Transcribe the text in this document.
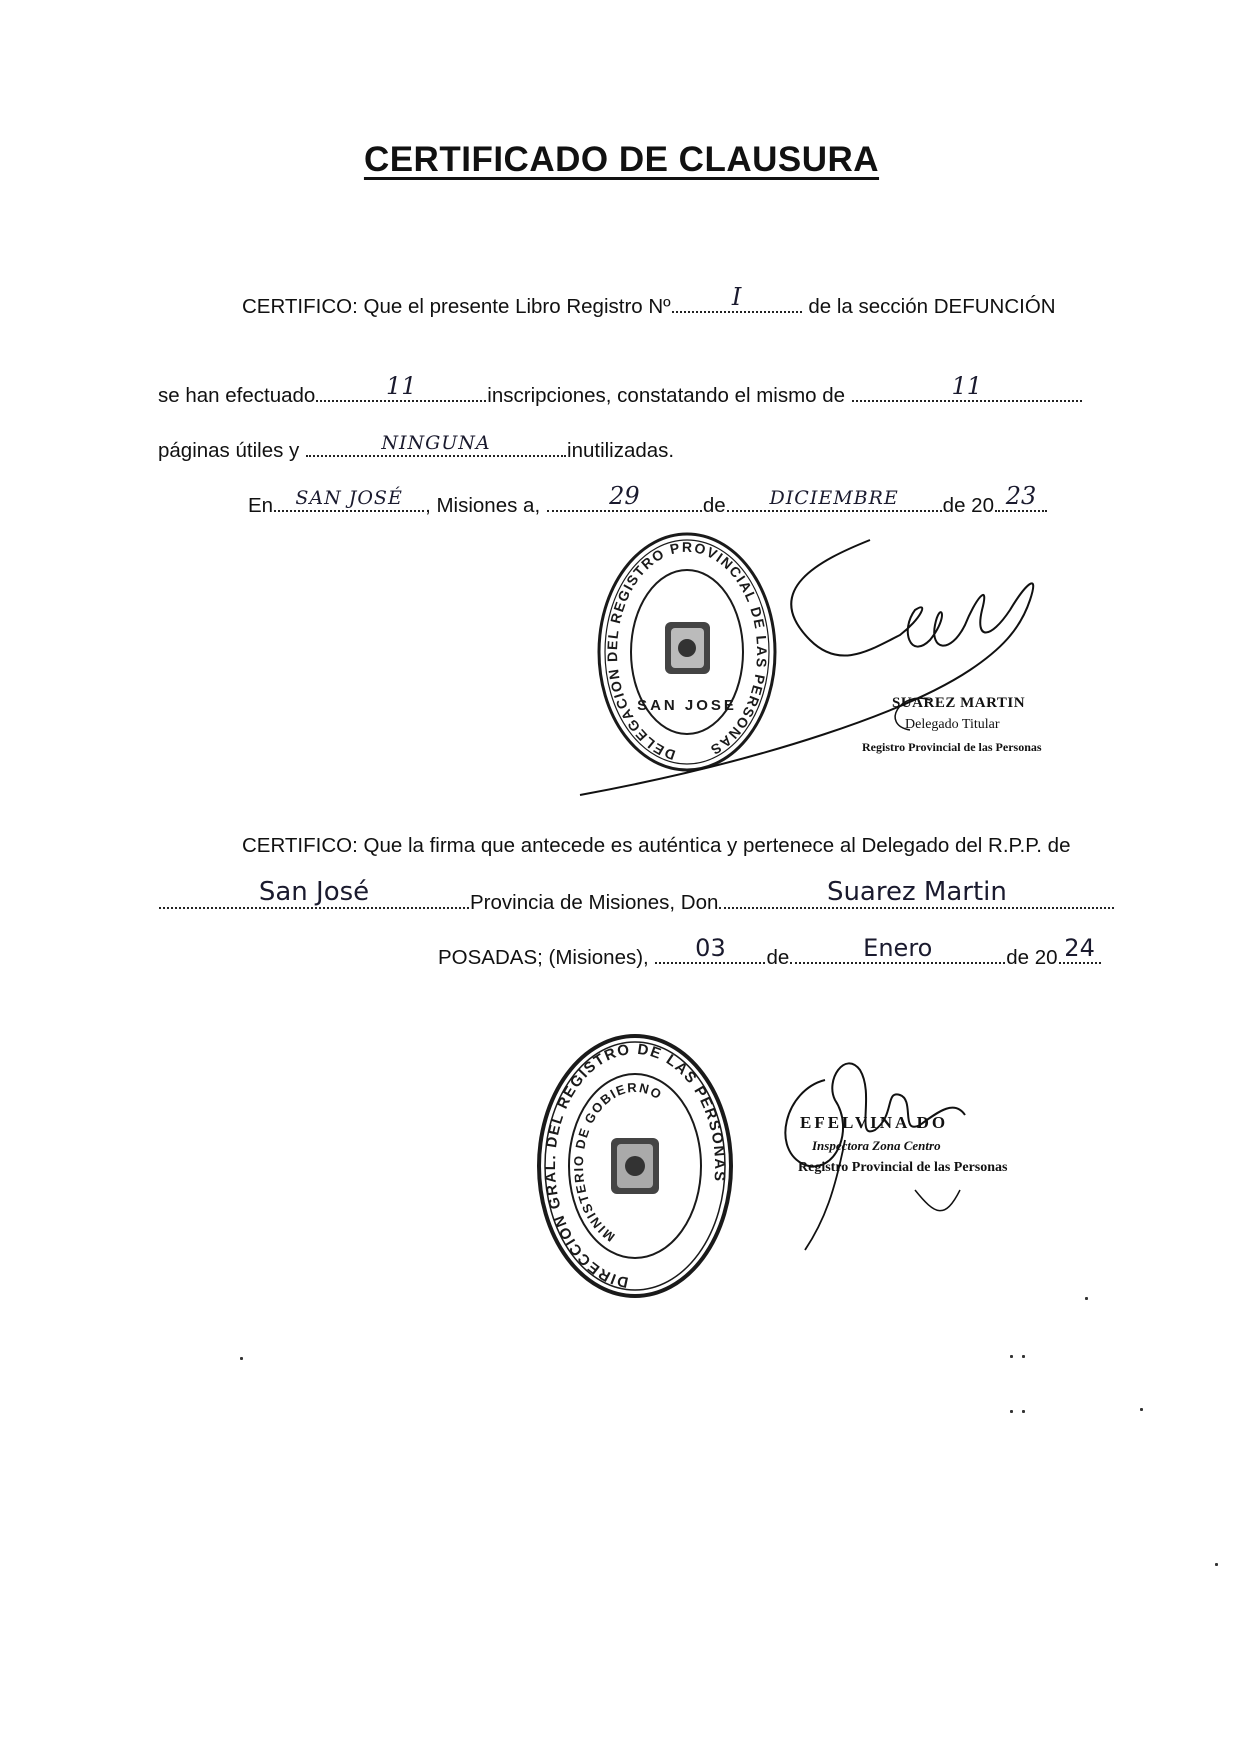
CERTIFICADO DE CLAUSURA
CERTIFICO: Que el presente Libro Registro Nº	I	de la sección DEFUNCIÓN
se han efectuado	11	inscripciones, constatando el mismo de	11
páginas útiles y	NINGUNA	inutilizadas.
En	SAN JOSÉ	, Misiones a,	29	de	DICIEMBRE	de 20 23
DELEGACION DEL REGISTRO PROVINCIAL DE LAS PERSONAS
SAN JOSE	SUAREZ MARTIN
Delegado Titular
Registro Provincial de las Personas
CERTIFICO: Que la firma que antecede es auténtica y pertenece al Delegado del R.P.P. de
San José	Provincia de Misiones, Don	Suarez Martin
POSADAS; (Misiones),	03	de	Enero	de 20 24
DIRECCION GRAL. DEL REGISTRO DE LAS PERSONAS
MINISTERIO DE GOBIERNO
EFELVINA DO
Inspectora Zona Centro
Registro Provincial de las Personas
